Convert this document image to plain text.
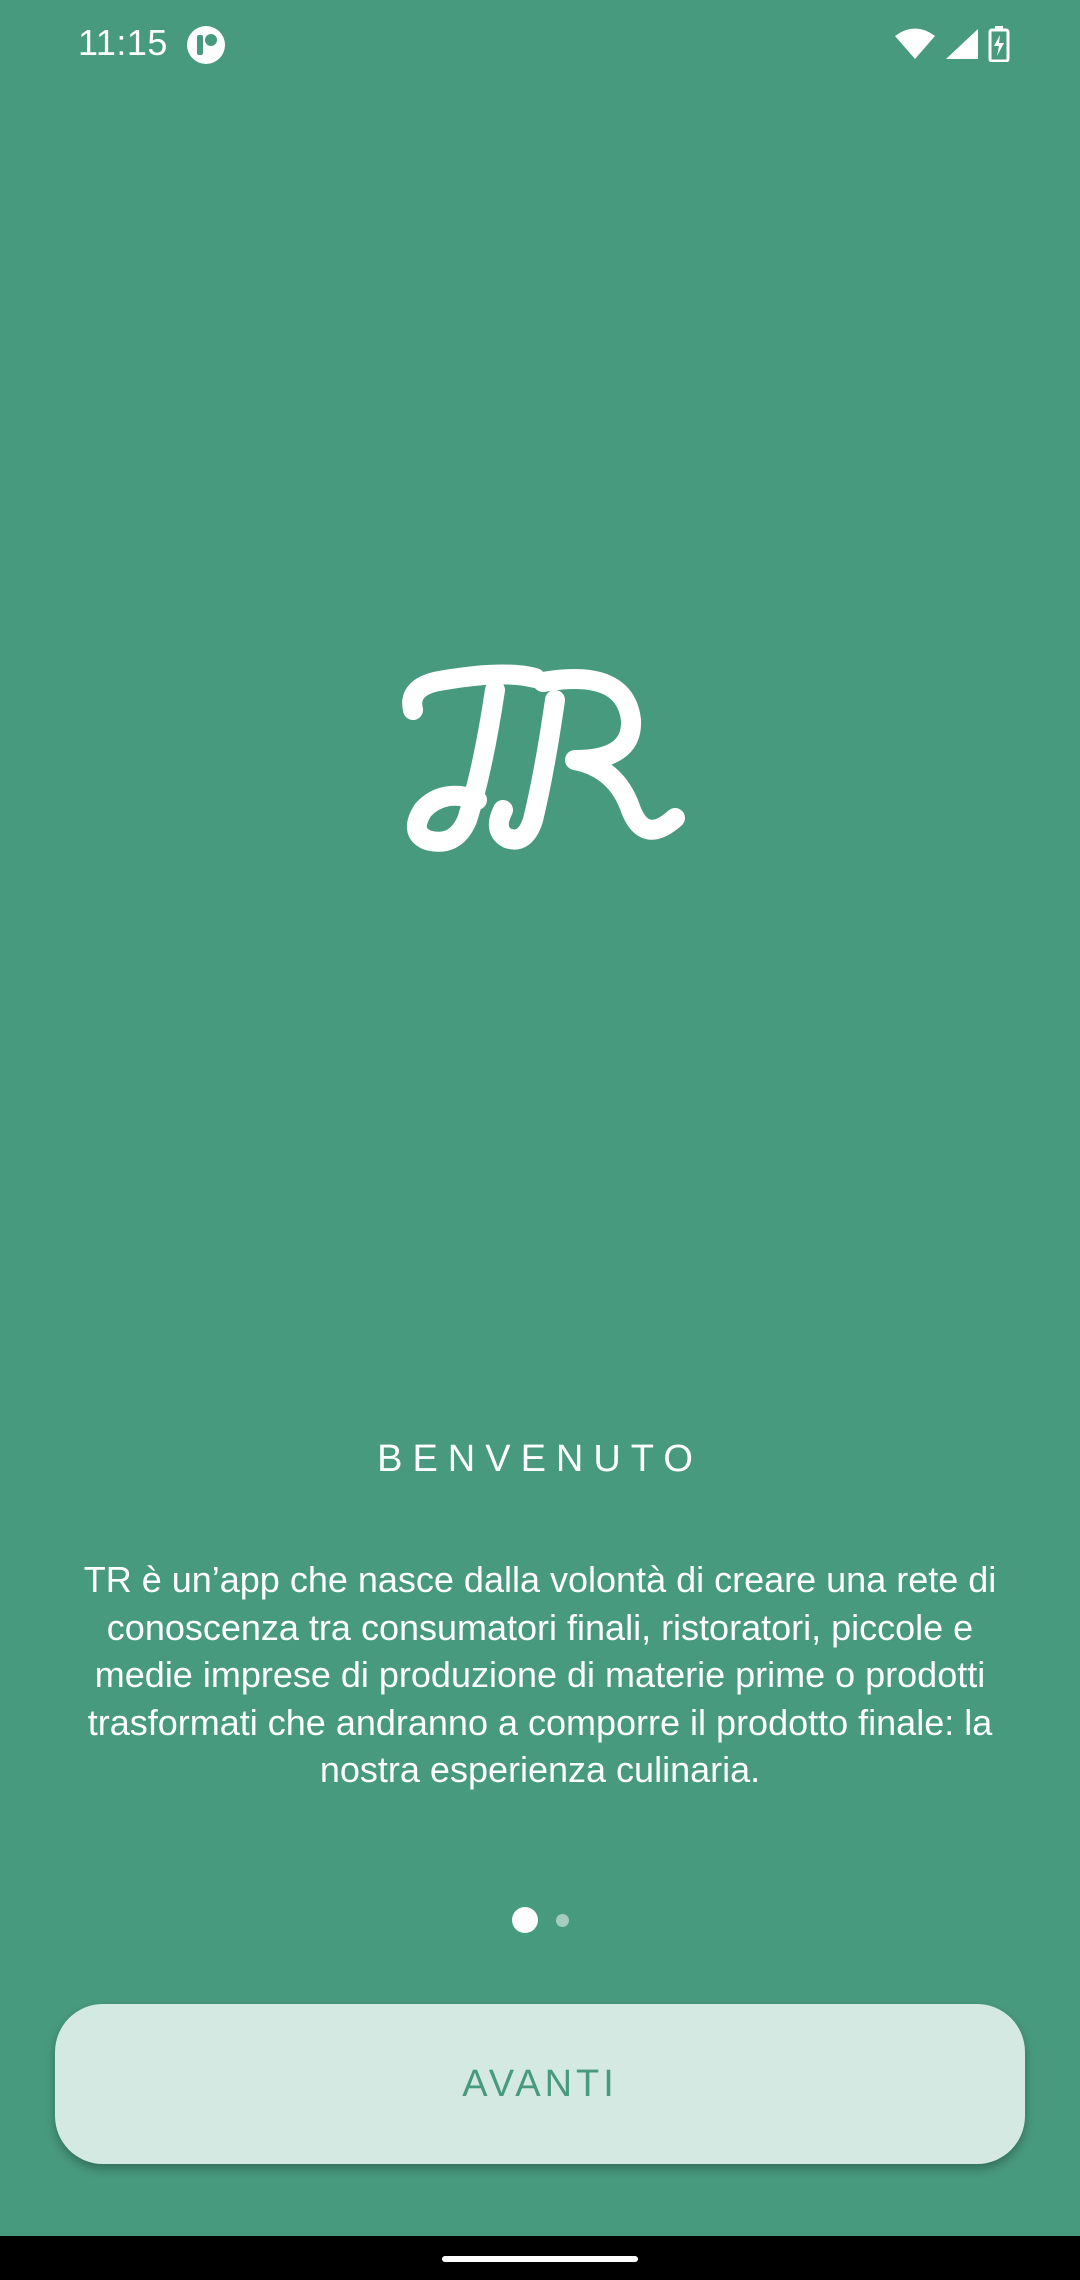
11:15
BENVENUTO
TR è un’app che nasce dalla volontà di creare una rete di conoscenza tra consumatori finali, ristoratori, piccole e medie imprese di produzione di materie prime o prodotti trasformati che andranno a comporre il prodotto finale: la nostra esperienza culinaria.
AVANTI
